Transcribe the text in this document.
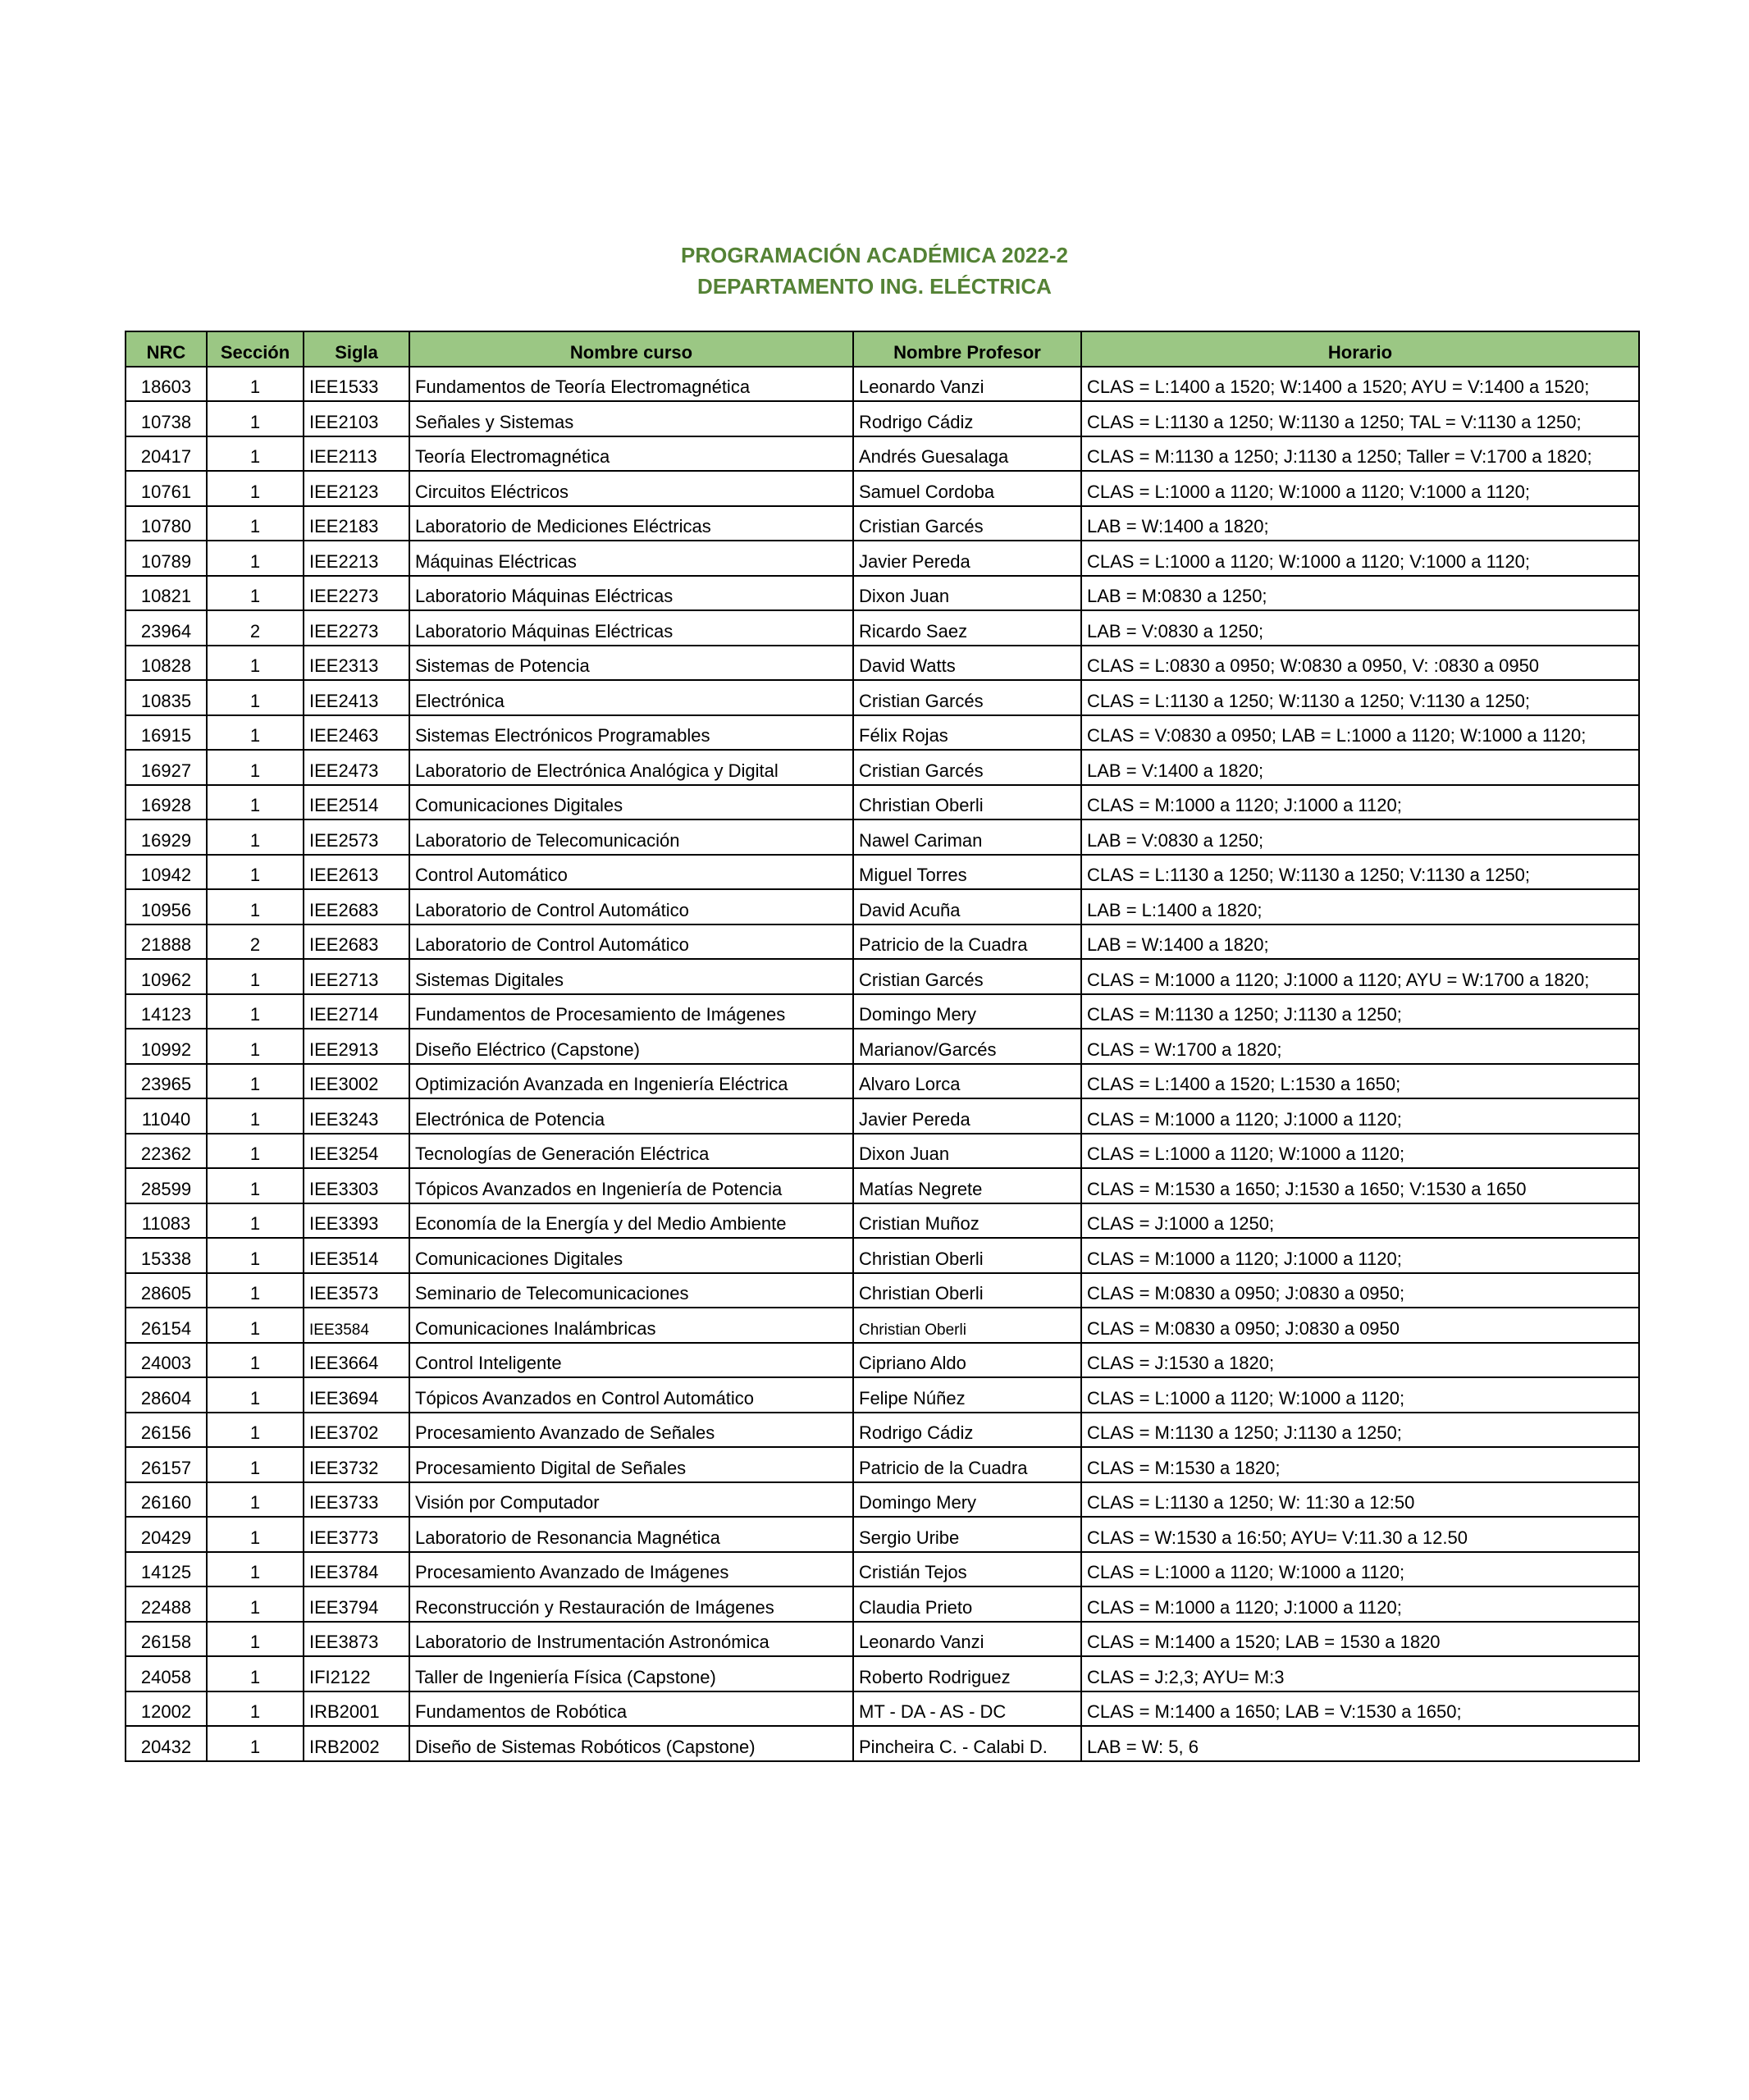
PROGRAMACIÓN ACADÉMICA 2022-2
DEPARTAMENTO ING. ELÉCTRICA
NRC	Sección	Sigla	Nombre curso	Nombre Profesor	Horario
18603	1	IEE1533	Fundamentos de Teoría Electromagnética	Leonardo Vanzi	CLAS = L:1400 a 1520; W:1400 a 1520; AYU = V:1400 a 1520;
10738	1	IEE2103	Señales y Sistemas	Rodrigo Cádiz	CLAS = L:1130 a 1250; W:1130 a 1250; TAL = V:1130 a 1250;
20417	1	IEE2113	Teoría Electromagnética	Andrés Guesalaga	CLAS = M:1130 a 1250; J:1130 a 1250; Taller = V:1700 a 1820;
10761	1	IEE2123	Circuitos Eléctricos	Samuel Cordoba	CLAS = L:1000 a 1120; W:1000 a 1120; V:1000 a 1120;
10780	1	IEE2183	Laboratorio de Mediciones Eléctricas	Cristian Garcés	LAB = W:1400 a 1820;
10789	1	IEE2213	Máquinas Eléctricas	Javier Pereda	CLAS = L:1000 a 1120; W:1000 a 1120; V:1000 a 1120;
10821	1	IEE2273	Laboratorio Máquinas Eléctricas	Dixon Juan	LAB = M:0830 a 1250;
23964	2	IEE2273	Laboratorio Máquinas Eléctricas	Ricardo Saez	LAB = V:0830 a 1250;
10828	1	IEE2313	Sistemas de Potencia	David Watts	CLAS = L:0830 a 0950; W:0830 a 0950, V: :0830 a 0950
10835	1	IEE2413	Electrónica	Cristian Garcés	CLAS = L:1130 a 1250; W:1130 a 1250; V:1130 a 1250;
16915	1	IEE2463	Sistemas Electrónicos Programables	Félix Rojas	CLAS = V:0830 a 0950; LAB = L:1000 a 1120; W:1000 a 1120;
16927	1	IEE2473	Laboratorio de Electrónica Analógica y Digital	Cristian Garcés	LAB = V:1400 a 1820;
16928	1	IEE2514	Comunicaciones Digitales	Christian Oberli	CLAS = M:1000 a 1120; J:1000 a 1120;
16929	1	IEE2573	Laboratorio de Telecomunicación	Nawel Cariman	LAB = V:0830 a 1250;
10942	1	IEE2613	Control Automático	Miguel Torres	CLAS = L:1130 a 1250; W:1130 a 1250; V:1130 a 1250;
10956	1	IEE2683	Laboratorio de Control Automático	David Acuña	LAB = L:1400 a 1820;
21888	2	IEE2683	Laboratorio de Control Automático	Patricio de la Cuadra	LAB = W:1400 a 1820;
10962	1	IEE2713	Sistemas Digitales	Cristian Garcés	CLAS = M:1000 a 1120; J:1000 a 1120; AYU = W:1700 a 1820;
14123	1	IEE2714	Fundamentos de Procesamiento de Imágenes	Domingo Mery	CLAS = M:1130 a 1250; J:1130 a 1250;
10992	1	IEE2913	Diseño Eléctrico (Capstone)	Marianov/Garcés	CLAS = W:1700 a 1820;
23965	1	IEE3002	Optimización Avanzada en Ingeniería Eléctrica	Alvaro Lorca	CLAS = L:1400 a 1520; L:1530 a 1650;
11040	1	IEE3243	Electrónica de Potencia	Javier Pereda	CLAS = M:1000 a 1120; J:1000 a 1120;
22362	1	IEE3254	Tecnologías de Generación Eléctrica	Dixon Juan	CLAS = L:1000 a 1120; W:1000 a 1120;
28599	1	IEE3303	Tópicos Avanzados en Ingeniería de Potencia	Matías Negrete	CLAS = M:1530 a 1650; J:1530 a 1650; V:1530 a 1650
11083	1	IEE3393	Economía de la Energía y del Medio Ambiente	Cristian Muñoz	CLAS = J:1000 a 1250;
15338	1	IEE3514	Comunicaciones Digitales	Christian Oberli	CLAS = M:1000 a 1120; J:1000 a 1120;
28605	1	IEE3573	Seminario de Telecomunicaciones	Christian Oberli	CLAS = M:0830 a 0950; J:0830 a 0950;
26154	1	IEE3584	Comunicaciones Inalámbricas	Christian Oberli	CLAS = M:0830 a 0950; J:0830 a 0950
24003	1	IEE3664	Control Inteligente	Cipriano Aldo	CLAS = J:1530 a 1820;
28604	1	IEE3694	Tópicos Avanzados en Control Automático	Felipe Núñez	CLAS = L:1000 a 1120; W:1000 a 1120;
26156	1	IEE3702	Procesamiento Avanzado de Señales	Rodrigo Cádiz	CLAS = M:1130 a 1250; J:1130 a 1250;
26157	1	IEE3732	Procesamiento Digital de Señales	Patricio de la Cuadra	CLAS = M:1530 a 1820;
26160	1	IEE3733	Visión por Computador	Domingo Mery	CLAS = L:1130 a 1250; W: 11:30 a 12:50
20429	1	IEE3773	Laboratorio de Resonancia Magnética	Sergio Uribe	CLAS = W:1530 a 16:50; AYU= V:11.30 a 12.50
14125	1	IEE3784	Procesamiento Avanzado de Imágenes	Cristián Tejos	CLAS = L:1000 a 1120; W:1000 a 1120;
22488	1	IEE3794	Reconstrucción y Restauración de Imágenes	Claudia Prieto	CLAS = M:1000 a 1120; J:1000 a 1120;
26158	1	IEE3873	Laboratorio de Instrumentación Astronómica	Leonardo Vanzi	CLAS = M:1400 a 1520; LAB = 1530 a 1820
24058	1	IFI2122	Taller de Ingeniería Física (Capstone)	Roberto Rodriguez	CLAS = J:2,3; AYU= M:3
12002	1	IRB2001	Fundamentos de Robótica	MT - DA - AS - DC	CLAS = M:1400 a 1650; LAB = V:1530 a 1650;
20432	1	IRB2002	Diseño de Sistemas Robóticos (Capstone)	Pincheira C. - Calabi D.	LAB = W: 5, 6
